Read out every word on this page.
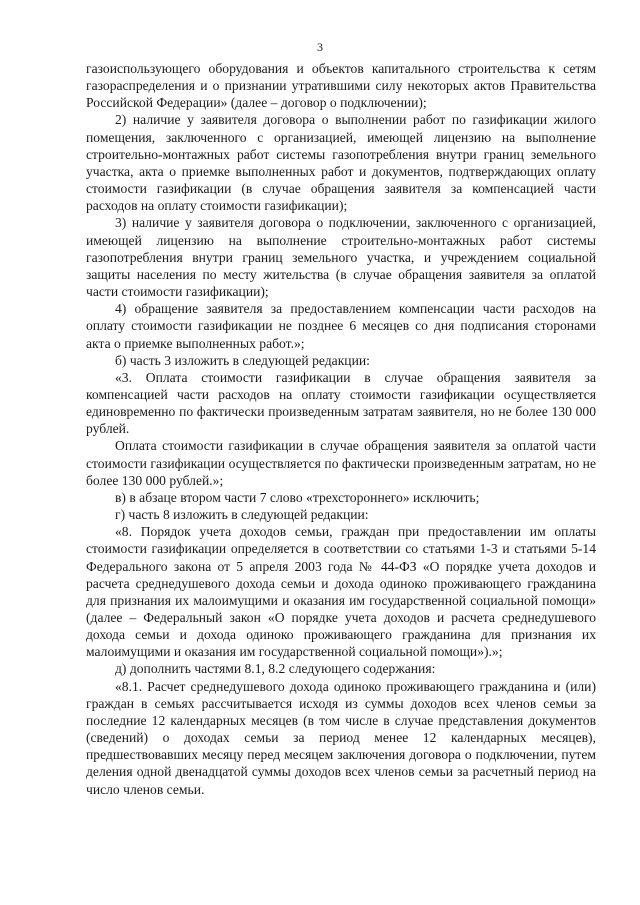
3

газоиспользующего оборудования и объектов капитального строительства к сетям газораспределения и о признании утратившими силу некоторых актов Правительства Российской Федерации» (далее – договор о подключении);

2) наличие у заявителя договора о выполнении работ по газификации жилого помещения, заключенного с организацией, имеющей лицензию на выполнение строительно-монтажных работ системы газопотребления внутри границ земельного участка, акта о приемке выполненных работ и документов, подтверждающих оплату стоимости газификации (в случае обращения заявителя за компенсацией части расходов на оплату стоимости газификации);

3) наличие у заявителя договора о подключении, заключенного с организацией, имеющей лицензию на выполнение строительно-монтажных работ системы газопотребления внутри границ земельного участка, и учреждением социальной защиты населения по месту жительства (в случае обращения заявителя за оплатой части стоимости газификации);

4) обращение заявителя за предоставлением компенсации части расходов на оплату стоимости газификации не позднее 6 месяцев со дня подписания сторонами акта о приемке выполненных работ.»;

б) часть 3 изложить в следующей редакции:

«3. Оплата стоимости газификации в случае обращения заявителя за компенсацией части расходов на оплату стоимости газификации осуществляется единовременно по фактически произведенным затратам заявителя, но не более 130 000 рублей.

Оплата стоимости газификации в случае обращения заявителя за оплатой части стоимости газификации осуществляется по фактически произведенным затратам, но не более 130 000 рублей.»;

в) в абзаце втором части 7 слово «трехстороннего» исключить;

г) часть 8 изложить в следующей редакции:

«8. Порядок учета доходов семьи, граждан при предоставлении им оплаты стоимости газификации определяется в соответствии со статьями 1-3 и статьями 5-14 Федерального закона от 5 апреля 2003 года № 44-ФЗ «О порядке учета доходов и расчета среднедушевого дохода семьи и дохода одиноко проживающего гражданина для признания их малоимущими и оказания им государственной социальной помощи» (далее – Федеральный закон «О порядке учета доходов и расчета среднедушевого дохода семьи и дохода одиноко проживающего гражданина для признания их малоимущими и оказания им государственной социальной помощи»).»;

д) дополнить частями 8.1, 8.2 следующего содержания:

«8.1. Расчет среднедушевого дохода одиноко проживающего гражданина и (или) граждан в семьях рассчитывается исходя из суммы доходов всех членов семьи за последние 12 календарных месяцев (в том числе в случае представления документов (сведений) о доходах семьи за период менее 12 календарных месяцев), предшествовавших месяцу перед месяцем заключения договора о подключении, путем деления одной двенадцатой суммы доходов всех членов семьи за расчетный период на число членов семьи.
